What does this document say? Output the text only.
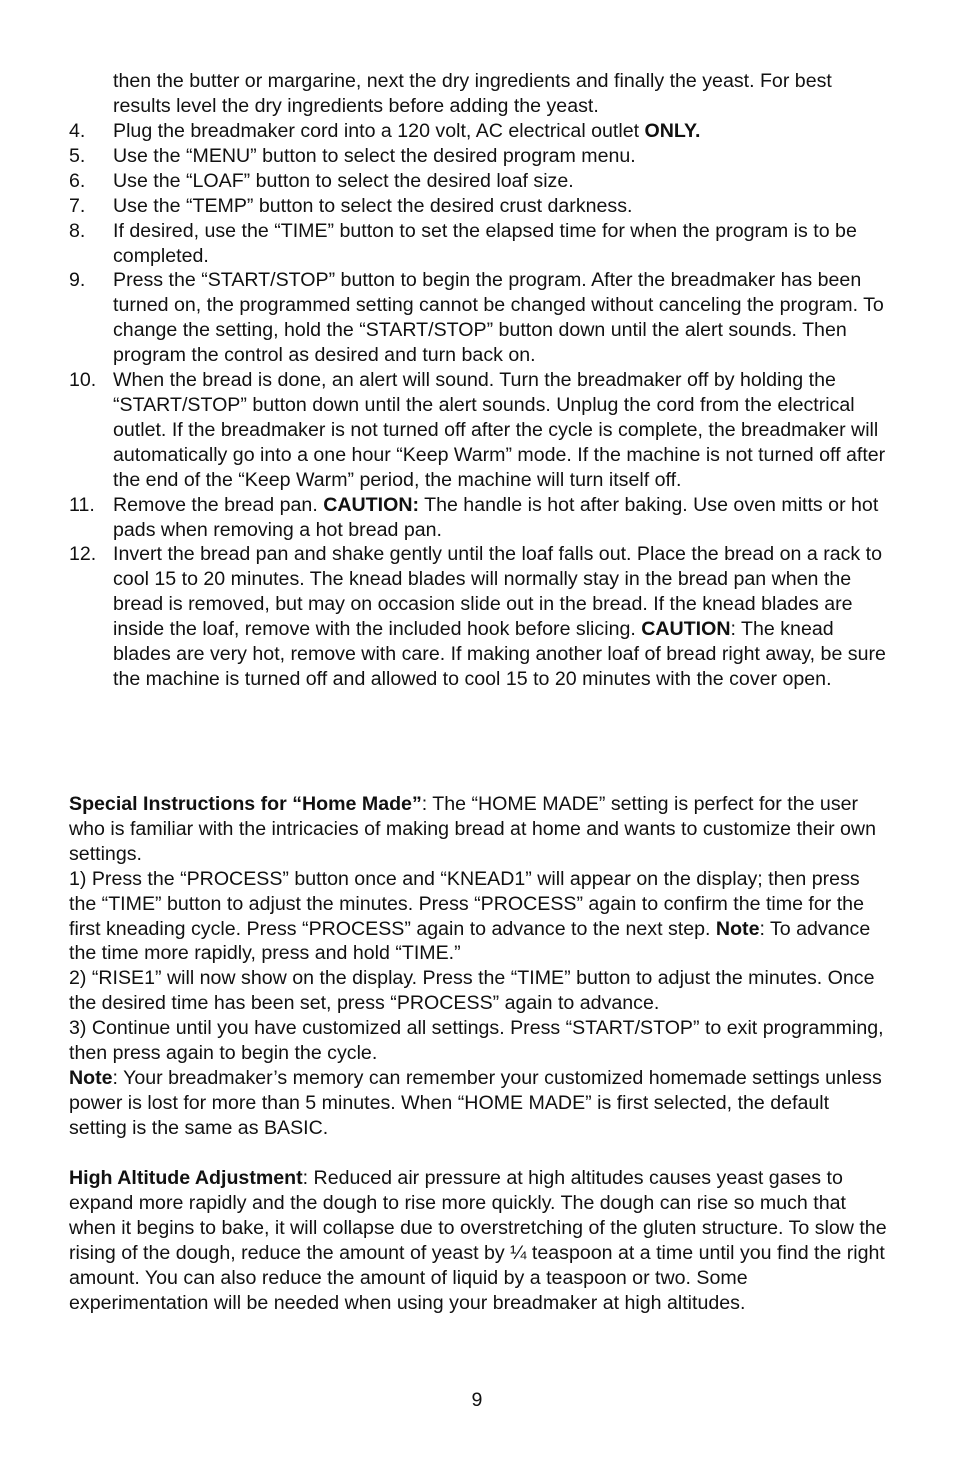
then the butter or margarine, next the dry ingredients and finally the yeast. For best results level the dry ingredients before adding the yeast.
4. Plug the breadmaker cord into a 120 volt, AC electrical outlet ONLY.
5. Use the “MENU” button to select the desired program menu.
6. Use the “LOAF” button to select the desired loaf size.
7. Use the “TEMP” button to select the desired crust darkness.
8. If desired, use the “TIME” button to set the elapsed time for when the program is to be completed.
9. Press the “START/STOP” button to begin the program. After the breadmaker has been turned on, the programmed setting cannot be changed without canceling the program. To change the setting, hold the “START/STOP” button down until the alert sounds. Then program the control as desired and turn back on.
10. When the bread is done, an alert will sound. Turn the breadmaker off by holding the “START/STOP” button down until the alert sounds. Unplug the cord from the electrical outlet. If the breadmaker is not turned off after the cycle is complete, the breadmaker will automatically go into a one hour “Keep Warm” mode. If the machine is not turned off after the end of the “Keep Warm” period, the machine will turn itself off.
11. Remove the bread pan. CAUTION: The handle is hot after baking. Use oven mitts or hot pads when removing a hot bread pan.
12. Invert the bread pan and shake gently until the loaf falls out. Place the bread on a rack to cool 15 to 20 minutes. The knead blades will normally stay in the bread pan when the bread is removed, but may on occasion slide out in the bread. If the knead blades are inside the loaf, remove with the included hook before slicing. CAUTION: The knead blades are very hot, remove with care. If making another loaf of bread right away, be sure the machine is turned off and allowed to cool 15 to 20 minutes with the cover open.
Special Instructions for “Home Made”: The “HOME MADE” setting is perfect for the user who is familiar with the intricacies of making bread at home and wants to customize their own settings.
1) Press the “PROCESS” button once and “KNEAD1” will appear on the display; then press the “TIME” button to adjust the minutes. Press “PROCESS” again to confirm the time for the first kneading cycle. Press “PROCESS” again to advance to the next step. Note: To advance the time more rapidly, press and hold “TIME.”
2) “RISE1” will now show on the display. Press the “TIME” button to adjust the minutes. Once the desired time has been set, press “PROCESS” again to advance.
3) Continue until you have customized all settings. Press “START/STOP” to exit programming, then press again to begin the cycle.
Note: Your breadmaker’s memory can remember your customized homemade settings unless power is lost for more than 5 minutes. When “HOME MADE” is first selected, the default setting is the same as BASIC.
High Altitude Adjustment: Reduced air pressure at high altitudes causes yeast gases to expand more rapidly and the dough to rise more quickly. The dough can rise so much that when it begins to bake, it will collapse due to overstretching of the gluten structure. To slow the rising of the dough, reduce the amount of yeast by ¼ teaspoon at a time until you find the right amount. You can also reduce the amount of liquid by a teaspoon or two. Some experimentation will be needed when using your breadmaker at high altitudes.
9
